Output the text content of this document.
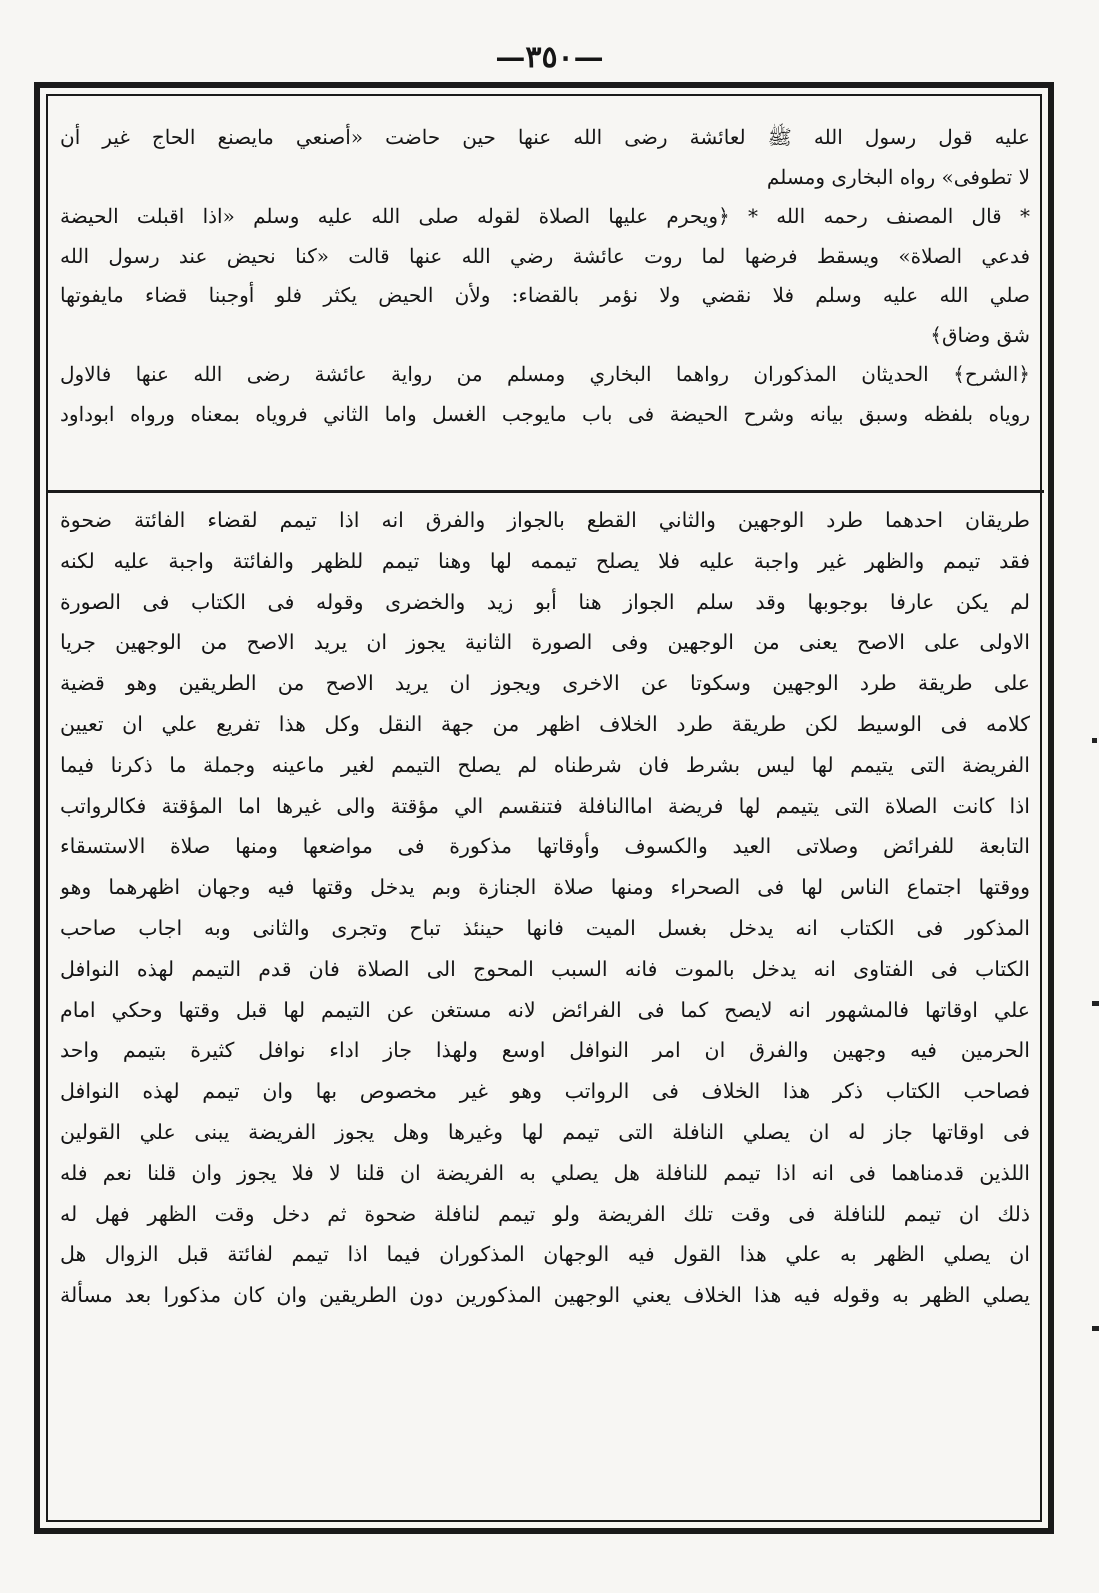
—٣٥٠—
عليه قول رسول الله ﷺ لعائشة رضى الله عنها حين حاضت «أصنعي مايصنع الحاج غير أن
لا تطوفى» رواه البخارى ومسلم
* قال المصنف رحمه الله * ﴿ويحرم عليها الصلاة لقوله صلى الله عليه وسلم «اذا اقبلت الحيضة
فدعي الصلاة» ويسقط فرضها لما روت عائشة رضي الله عنها قالت «كنا نحيض عند رسول الله
صلي الله عليه وسلم فلا نقضي ولا نؤمر بالقضاء: ولأن الحيض يكثر فلو أوجبنا قضاء مايفوتها
شق وضاق﴾
﴿الشرح﴾ الحديثان المذكوران رواهما البخاري ومسلم من رواية عائشة رضى الله عنها فالاول
روياه بلفظه وسبق بيانه وشرح الحيضة فى باب مايوجب الغسل واما الثاني فروياه بمعناه ورواه ابوداود
طريقان احدهما طرد الوجهين والثاني القطع بالجواز والفرق انه اذا تيمم لقضاء الفائتة ضحوة
فقد تيمم والظهر غير واجبة عليه فلا يصلح تيممه لها وهنا تيمم للظهر والفائتة واجبة عليه لكنه
لم يكن عارفا بوجوبها وقد سلم الجواز هنا أبو زيد والخضرى وقوله فى الكتاب فى الصورة
الاولى على الاصح يعنى من الوجهين وفى الصورة الثانية يجوز ان يريد الاصح من الوجهين جريا
على طريقة طرد الوجهين وسكوتا عن الاخرى ويجوز ان يريد الاصح من الطريقين وهو قضية
كلامه فى الوسيط لكن طريقة طرد الخلاف اظهر من جهة النقل وكل هذا تفريع علي ان تعيين
الفريضة التى يتيمم لها ليس بشرط فان شرطناه لم يصلح التيمم لغير ماعينه وجملة ما ذكرنا فيما
اذا كانت الصلاة التى يتيمم لها فريضة اماالنافلة فتنقسم الي مؤقتة والى غيرها اما المؤقتة فكالرواتب
التابعة للفرائض وصلاتى العيد والكسوف وأوقاتها مذكورة فى مواضعها ومنها صلاة الاستسقاء
ووقتها اجتماع الناس لها فى الصحراء ومنها صلاة الجنازة وبم يدخل وقتها فيه وجهان اظهرهما وهو
المذكور فى الكتاب انه يدخل بغسل الميت فانها حينئذ تباح وتجرى والثانى وبه اجاب صاحب
الكتاب فى الفتاوى انه يدخل بالموت فانه السبب المحوج الى الصلاة فان قدم التيمم لهذه النوافل
علي اوقاتها فالمشهور انه لايصح كما فى الفرائض لانه مستغن عن التيمم لها قبل وقتها وحكي امام
الحرمين فيه وجهين والفرق ان امر النوافل اوسع ولهذا جاز اداء نوافل كثيرة بتيمم واحد
فصاحب الكتاب ذكر هذا الخلاف فى الرواتب وهو غير مخصوص بها وان تيمم لهذه النوافل
فى اوقاتها جاز له ان يصلي النافلة التى تيمم لها وغيرها وهل يجوز الفريضة يبنى علي القولين
اللذين قدمناهما فى انه اذا تيمم للنافلة هل يصلي به الفريضة ان قلنا لا فلا يجوز وان قلنا نعم فله
ذلك ان تيمم للنافلة فى وقت تلك الفريضة ولو تيمم لنافلة ضحوة ثم دخل وقت الظهر فهل له
ان يصلي الظهر به علي هذا القول فيه الوجهان المذكوران فيما اذا تيمم لفائتة قبل الزوال هل
يصلي الظهر به وقوله فيه هذا الخلاف يعني الوجهين المذكورين دون الطريقين وان كان مذكورا بعد مسألة
